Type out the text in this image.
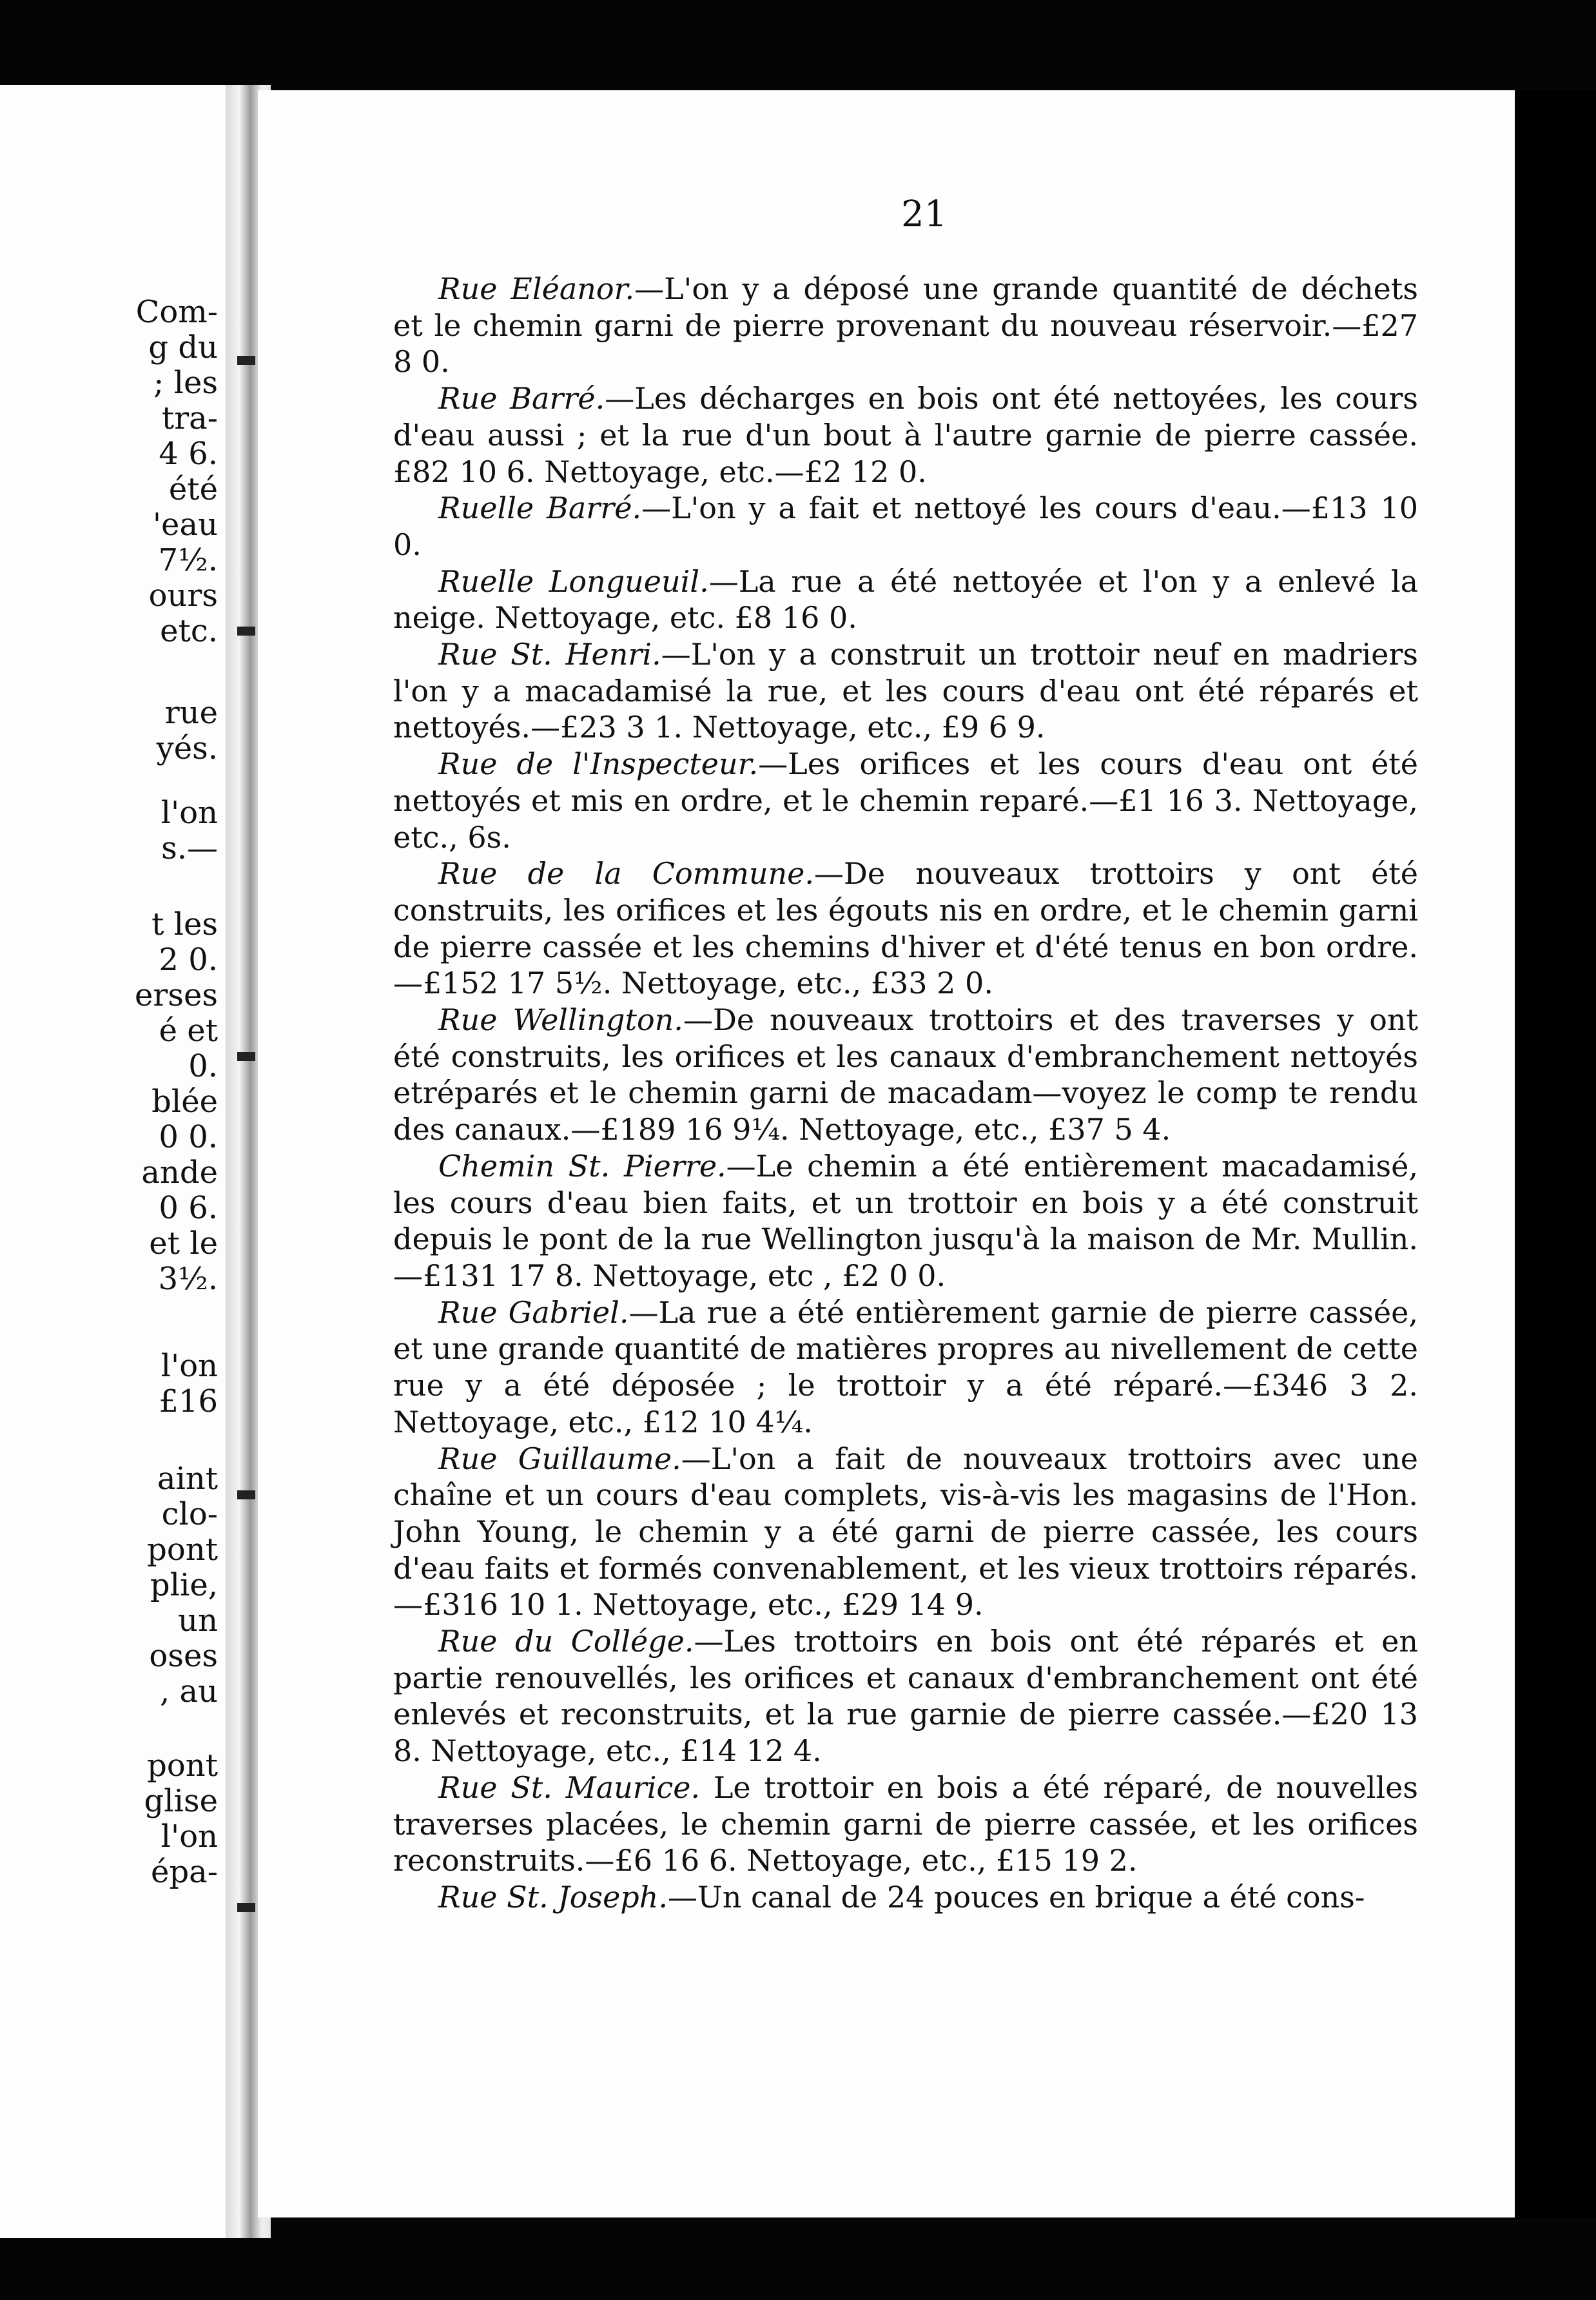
Com-
g du
; les
tra-
4 6.
été
'eau
7½.
ours
etc.
rue
yés.
l'on
s.—
t les
2 0.
erses
é et
0.
blée
0 0.
ande
0 6.
et le
3½.
l'on
£16
aint
clo-
pont
plie,
un
oses
, au
pont
glise
l'on
épa-
21

Rue Eléanor.—L'on y a déposé une grande quantité de déchets et le chemin garni de pierre provenant du nouveau réservoir.—£27 8 0.

Rue Barré.—Les décharges en bois ont été nettoyées, les cours d'eau aussi ; et la rue d'un bout à l'autre garnie de pierre cassée. £82 10 6. Nettoyage, etc.—£2 12 0.

Ruelle Barré.—L'on y a fait et nettoyé les cours d'eau.—£13 10 0.

Ruelle Longueuil.—La rue a été nettoyée et l'on y a enlevé la neige. Nettoyage, etc. £8 16 0.

Rue St. Henri.—L'on y a construit un trottoir neuf en madriers l'on y a macadamisé la rue, et les cours d'eau ont été réparés et nettoyés.—£23 3 1. Nettoyage, etc., £9 6 9.

Rue de l'Inspecteur.—Les orifices et les cours d'eau ont été nettoyés et mis en ordre, et le chemin reparé.—£1 16 3. Nettoyage, etc., 6s.

Rue de la Commune.—De nouveaux trottoirs y ont été construits, les orifices et les égouts nis en ordre, et le chemin garni de pierre cassée et les chemins d'hiver et d'été tenus en bon ordre. —£152 17 5½. Nettoyage, etc., £33 2 0.

Rue Wellington.—De nouveaux trottoirs et des traverses y ont été construits, les orifices et les canaux d'embranchement nettoyés etréparés et le chemin garni de macadam—voyez le comp te rendu des canaux.—£189 16 9¼. Nettoyage, etc., £37 5 4.

Chemin St. Pierre.—Le chemin a été entièrement macadamisé, les cours d'eau bien faits, et un trottoir en bois y a été construit depuis le pont de la rue Wellington jusqu'à la maison de Mr. Mullin.—£131 17 8. Nettoyage, etc , £2 0 0.

Rue Gabriel.—La rue a été entièrement garnie de pierre cassée, et une grande quantité de matières propres au nivellement de cette rue y a été déposée ; le trottoir y a été réparé.—£346 3 2. Nettoyage, etc., £12 10 4¼.

Rue Guillaume.—L'on a fait de nouveaux trottoirs avec une chaîne et un cours d'eau complets, vis-à-vis les magasins de l'Hon. John Young, le chemin y a été garni de pierre cassée, les cours d'eau faits et formés convenablement, et les vieux trottoirs réparés.—£316 10 1. Nettoyage, etc., £29 14 9.

Rue du Collége.—Les trottoirs en bois ont été réparés et en partie renouvellés, les orifices et canaux d'embranchement ont été enlevés et reconstruits, et la rue garnie de pierre cassée.—£20 13 8. Nettoyage, etc., £14 12 4.

Rue St. Maurice. Le trottoir en bois a été réparé, de nouvelles traverses placées, le chemin garni de pierre cassée, et les orifices reconstruits.—£6 16 6. Nettoyage, etc., £15 19 2.

Rue St. Joseph.—Un canal de 24 pouces en brique a été cons-
